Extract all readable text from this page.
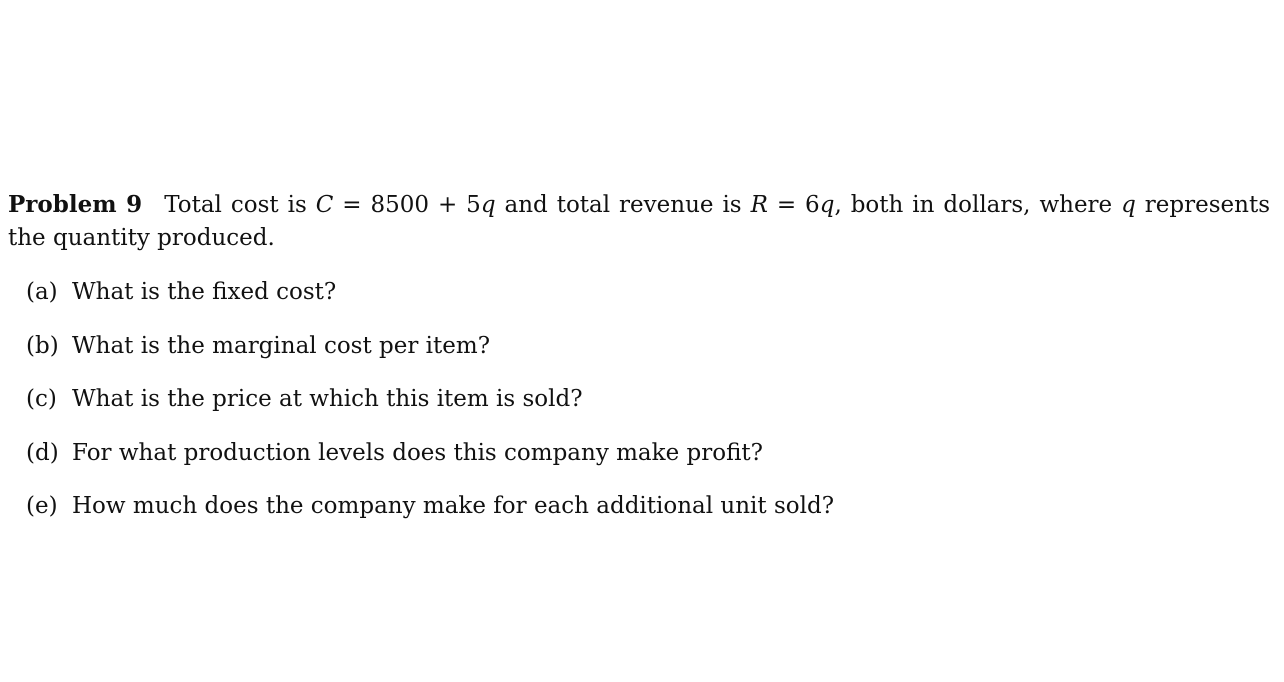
Problem 9 Total cost is C = 8500 + 5q and total revenue is R = 6q, both in dollars, where q represents the quantity produced.

(a) What is the fixed cost?
(b) What is the marginal cost per item?
(c) What is the price at which this item is sold?
(d) For what production levels does this company make profit?
(e) How much does the company make for each additional unit sold?
